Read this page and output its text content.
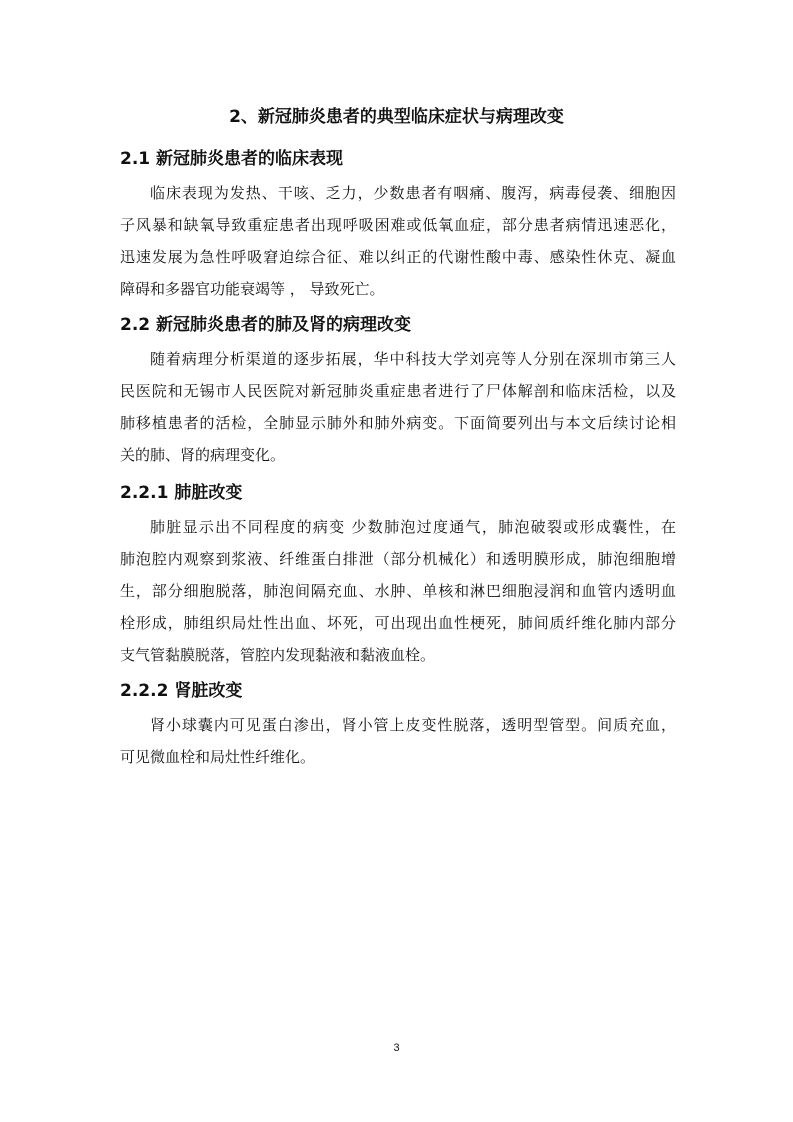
2、新冠肺炎患者的典型临床症状与病理改变
2.1 新冠肺炎患者的临床表现
临床表现为发热、干咳、乏力，少数患者有咽痛、腹泻，病毒侵袭、细胞因
子风暴和缺氧导致重症患者出现呼吸困难或低氧血症，部分患者病情迅速恶化，
迅速发展为急性呼吸窘迫综合征、难以纠正的代谢性酸中毒、感染性休克、凝血
障碍和多器官功能衰竭等 ， 导致死亡。
2.2 新冠肺炎患者的肺及肾的病理改变
随着病理分析渠道的逐步拓展，华中科技大学刘亮等人分别在深圳市第三人
民医院和无锡市人民医院对新冠肺炎重症患者进行了尸体解剖和临床活检，以及
肺移植患者的活检，全肺显示肺外和肺外病变。下面简要列出与本文后续讨论相
关的肺、肾的病理变化。
2.2.1 肺脏改变
肺脏显示出不同程度的病变 少数肺泡过度通气，肺泡破裂或形成囊性，在
肺泡腔内观察到浆液、纤维蛋白排泄（部分机械化）和透明膜形成，肺泡细胞增
生，部分细胞脱落，肺泡间隔充血、水肿、单核和淋巴细胞浸润和血管内透明血
栓形成，肺组织局灶性出血、坏死，可出现出血性梗死，肺间质纤维化肺内部分
支气管黏膜脱落，管腔内发现黏液和黏液血栓。
2.2.2 肾脏改变
肾小球囊内可见蛋白渗出，肾小管上皮变性脱落，透明型管型。间质充血，
可见微血栓和局灶性纤维化。

3
